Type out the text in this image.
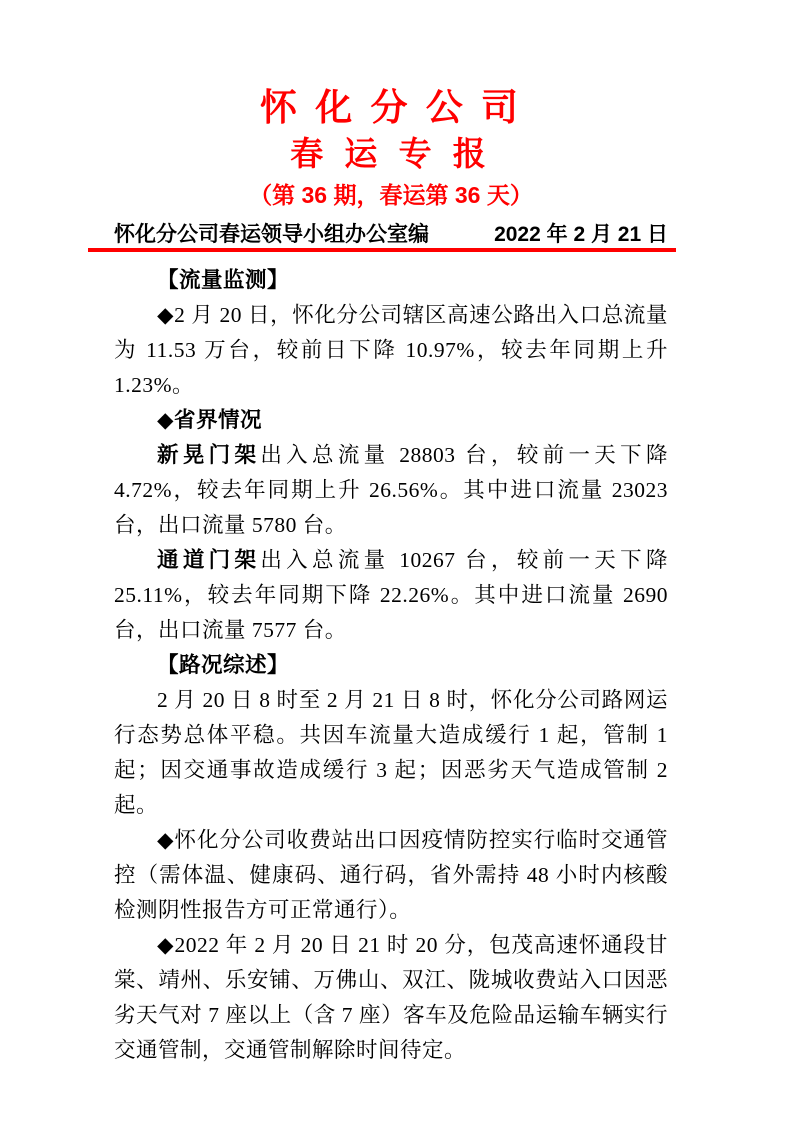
怀 化 分 公 司
春 运 专 报
（第 36 期，春运第 36 天）
怀化分公司春运领导小组办公室编	2022 年 2 月 21 日
【流量监测】

◆2 月 20 日，怀化分公司辖区高速公路出入口总流量为 11.53 万台，较前日下降 10.97%，较去年同期上升 1.23%。

◆省界情况

新晃门架出入总流量 28803 台，较前一天下降 4.72%，较去年同期上升 26.56%。其中进口流量 23023 台，出口流量 5780 台。

通道门架出入总流量 10267 台，较前一天下降 25.11%，较去年同期下降 22.26%。其中进口流量 2690 台，出口流量 7577 台。

【路况综述】

2 月 20 日 8 时至 2 月 21 日 8 时，怀化分公司路网运行态势总体平稳。共因车流量大造成缓行 1 起，管制 1 起；因交通事故造成缓行 3 起；因恶劣天气造成管制 2 起。

◆怀化分公司收费站出口因疫情防控实行临时交通管控（需体温、健康码、通行码，省外需持 48 小时内核酸检测阴性报告方可正常通行）。

◆2022 年 2 月 20 日 21 时 20 分，包茂高速怀通段甘棠、靖州、乐安铺、万佛山、双江、陇城收费站入口因恶劣天气对 7 座以上（含 7 座）客车及危险品运输车辆实行交通管制，交通管制解除时间待定。
